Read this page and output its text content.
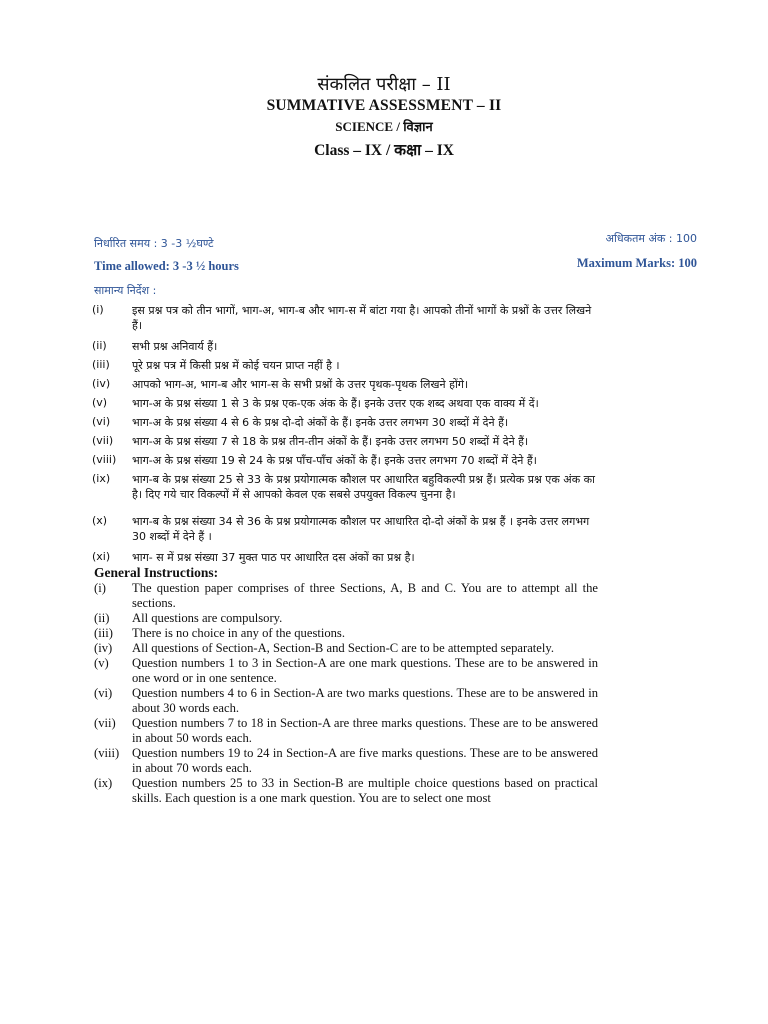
संकलित परीक्षा – II
SUMMATIVE ASSESSMENT – II
SCIENCE / विज्ञान
Class – IX / कक्षा – IX
निर्धारित समय : 3 -3 ½घण्टे	अधिकतम अंक : 100
Time allowed: 3 -3 ½ hours	Maximum Marks: 100
सामान्य निर्देश :
(i)	इस प्रश्न पत्र को तीन भागों, भाग-अ, भाग-ब और भाग-स में बांटा गया है। आपको तीनों भागों के प्रश्नों के उत्तर लिखने हैं।
(ii)	सभी प्रश्न अनिवार्य हैं।
(iii)	पूरे प्रश्न पत्र में किसी प्रश्न में कोई चयन प्राप्त नहीं है ।
(iv)	आपको भाग-अ, भाग-ब और भाग-स के सभी प्रश्नों के उत्तर पृथक-पृथक लिखने होंगे।
(v)	भाग-अ के प्रश्न संख्या 1 से 3 के प्रश्न एक-एक अंक के हैं। इनके उत्तर एक शब्द अथवा एक वाक्य में दें।
(vi)	भाग-अ के प्रश्न संख्या 4 से 6 के प्रश्न दो-दो अंकों के हैं। इनके उत्तर लगभग 30 शब्दों में देने हैं।
(vii)	भाग-अ के प्रश्न संख्या 7 से 18 के प्रश्न तीन-तीन अंकों के हैं। इनके उत्तर लगभग 50 शब्दों में देने हैं।
(viii)	भाग-अ के प्रश्न संख्या 19 से 24 के प्रश्न पाँच-पाँच अंकों के हैं। इनके उत्तर लगभग 70 शब्दों में देने हैं।
(ix)	भाग-ब के प्रश्न संख्या 25 से 33 के प्रश्न प्रयोगात्मक कौशल पर आधारित बहुविकल्पी प्रश्न हैं। प्रत्येक प्रश्न एक अंक का है। दिए गये चार विकल्पों में से आपको केवल एक सबसे उपयुक्त विकल्प चुनना है।
(x)	भाग-ब के प्रश्न संख्या 34 से 36 के प्रश्न प्रयोगात्मक कौशल पर आधारित दो-दो अंकों के प्रश्न हैं । इनके उत्तर लगभग 30 शब्दों में देने हैं ।
(xi)	भाग- स में प्रश्न संख्या 37 मुक्त पाठ पर आधारित दस अंकों का प्रश्न है।
General Instructions:
(i)	The question paper comprises of three Sections, A, B and C. You are to attempt all the sections.
(ii)	All questions are compulsory.
(iii)	There is no choice in any of the questions.
(iv)	All questions of Section-A, Section-B and Section-C are to be attempted separately.
(v)	Question numbers 1 to 3 in Section-A are one mark questions. These are to be answered in one word or in one sentence.
(vi)	Question numbers 4 to 6 in Section-A are two marks questions. These are to be answered in about 30 words each.
(vii)	Question numbers 7 to 18 in Section-A are three marks questions. These are to be answered in about 50 words each.
(viii)	Question numbers 19 to 24 in Section-A are five marks questions. These are to be answered in about 70 words each.
(ix)	Question numbers 25 to 33 in Section-B are multiple choice questions based on practical skills. Each question is a one mark question. You are to select one most
